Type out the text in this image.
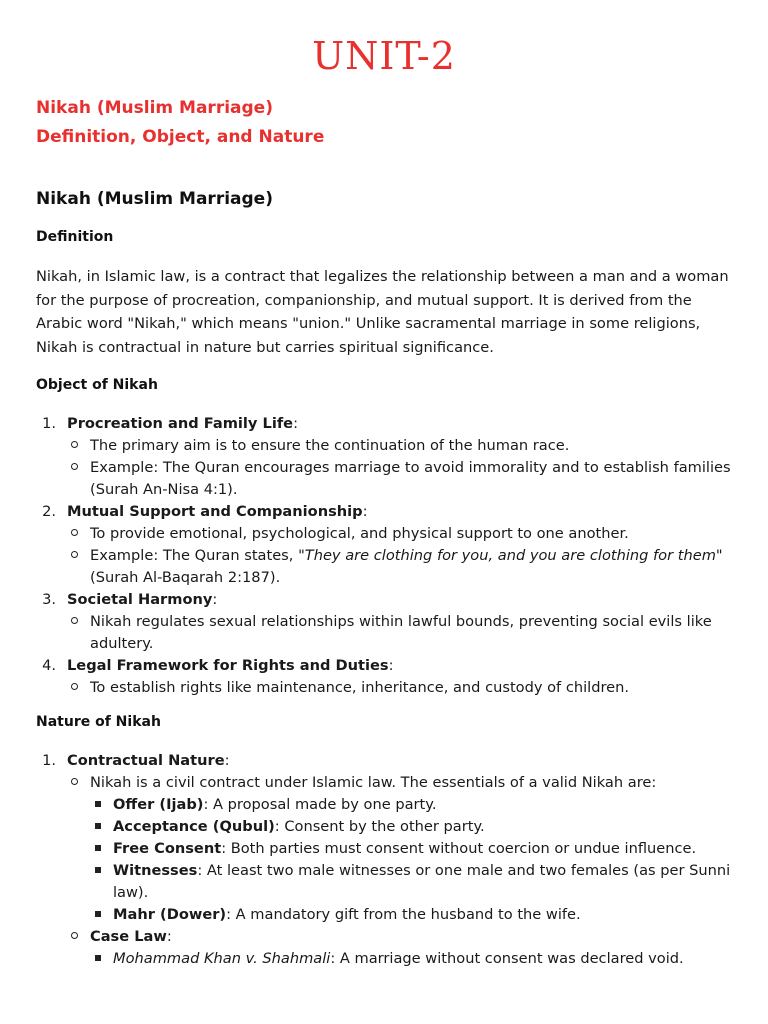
UNIT-2
Nikah (Muslim Marriage)
Definition, Object, and Nature
Nikah (Muslim Marriage)
Definition

Nikah, in Islamic law, is a contract that legalizes the relationship between a man and a woman for the purpose of procreation, companionship, and mutual support. It is derived from the Arabic word "Nikah," which means "union." Unlike sacramental marriage in some religions, Nikah is contractual in nature but carries spiritual significance.

Object of Nikah
1. Procreation and Family Life:
The primary aim is to ensure the continuation of the human race.
Example: The Quran encourages marriage to avoid immorality and to establish families
(Surah An-Nisa 4:1).
2. Mutual Support and Companionship:
To provide emotional, psychological, and physical support to one another.
Example: The Quran states, "They are clothing for you, and you are clothing for them"
(Surah Al-Baqarah 2:187).
3. Societal Harmony:
Nikah regulates sexual relationships within lawful bounds, preventing social evils like
adultery.
4. Legal Framework for Rights and Duties:
To establish rights like maintenance, inheritance, and custody of children.
Nature of Nikah
1. Contractual Nature:
Nikah is a civil contract under Islamic law. The essentials of a valid Nikah are:
Offer (Ijab): A proposal made by one party.
Acceptance (Qubul): Consent by the other party.
Free Consent: Both parties must consent without coercion or undue influence.
Witnesses: At least two male witnesses or one male and two females (as per Sunni
law).
Mahr (Dower): A mandatory gift from the husband to the wife.
Case Law:
Mohammad Khan v. Shahmali: A marriage without consent was declared void.
